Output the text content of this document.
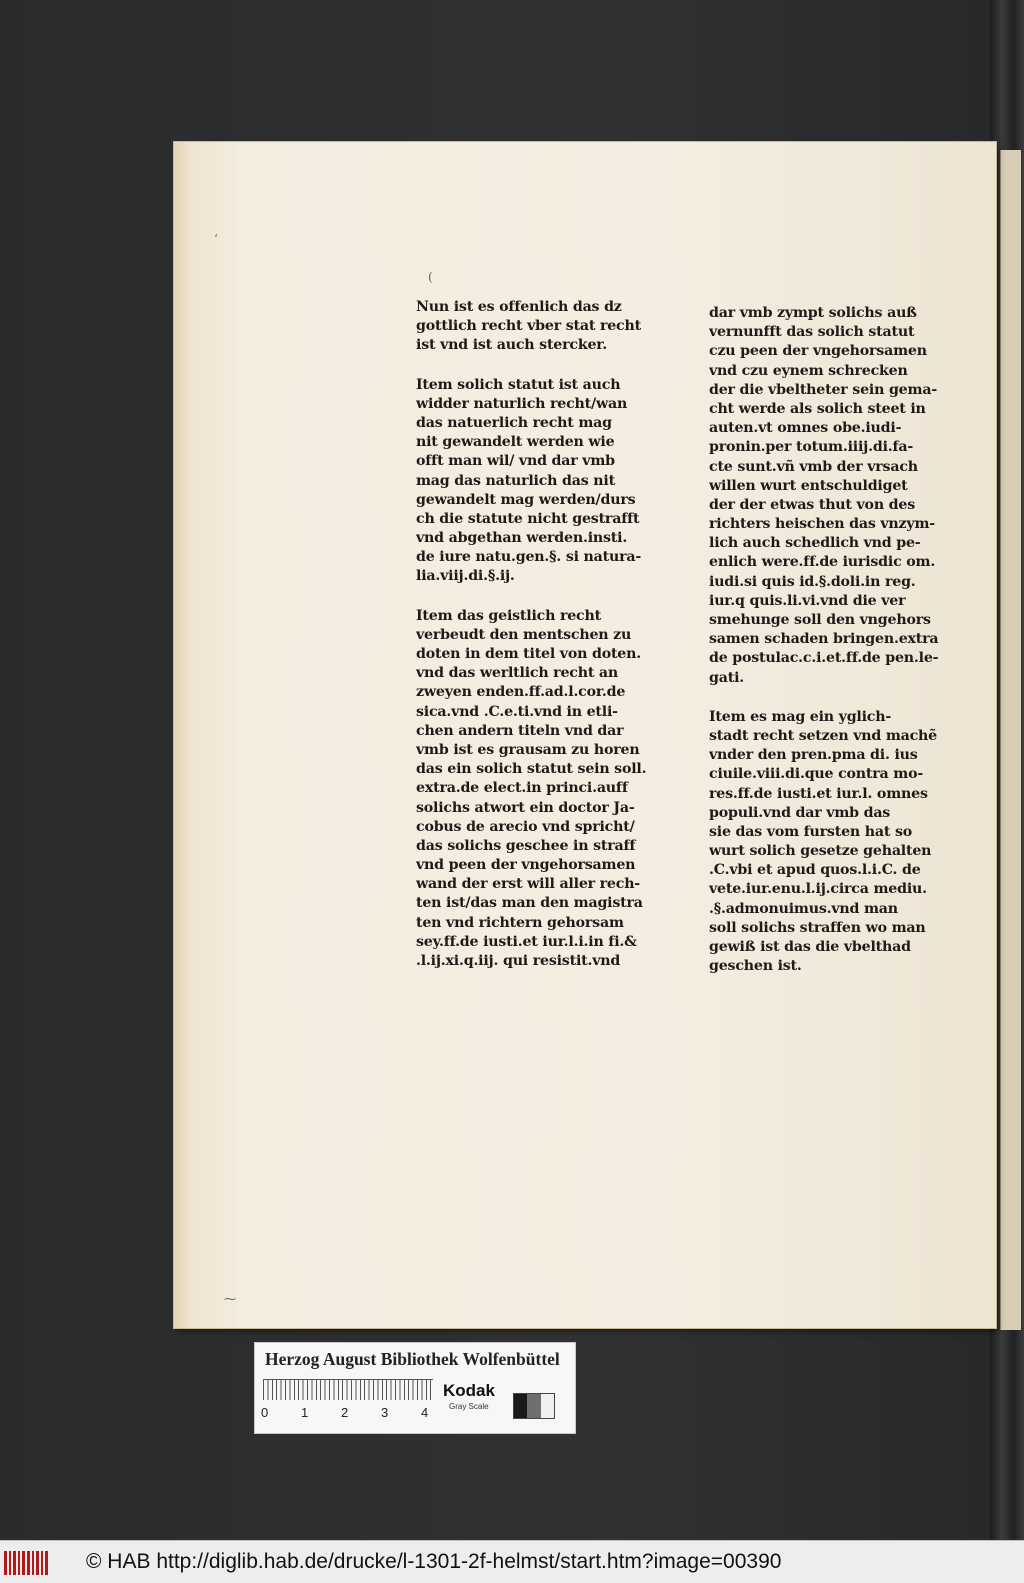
‘
(
⁓
Nun ist es offenlich das dz
gottlich recht vber stat recht
ist vnd ist auch stercker.
Item solich statut ist auch
widder naturlich recht/wan
das natuerlich recht mag
nit gewandelt werden wie
offt man wil/ vnd dar vmb
mag das naturlich das nit
gewandelt mag werden/durs
ch die statute nicht gestrafft
vnd abgethan werden.insti.
de iure natu.gen.§. si natura-
lia.viij.di.§.ij.
Item das geistlich recht
verbeudt den mentschen zu
doten in dem titel von doten.
vnd das werltlich recht an
zweyen enden.ff.ad.l.cor.de
sica.vnd .C.e.ti.vnd in etli-
chen andern titeln vnd dar
vmb ist es grausam zu horen
das ein solich statut sein soll.
extra.de elect.in princi.auff
solichs atwort ein doctor Ja-
cobus de arecio vnd spricht/
das solichs geschee in straff
vnd peen der vngehorsamen
wand der erst will aller rech-
ten ist/das man den magistra
ten vnd richtern gehorsam
sey.ff.de iusti.et iur.l.i.in fi.&
.l.ij.xi.q.iij. qui resistit.vnd
dar vmb zympt solichs auß
vernunfft das solich statut
czu peen der vngehorsamen
vnd czu eynem schrecken
der die vbeltheter sein gema-
cht werde als solich steet in
auten.vt omnes obe.iudi-
pronin.per totum.iiij.di.fa-
cte sunt.vñ vmb der vrsach
willen wurt entschuldiget
der der etwas thut von des
richters heischen das vnzym-
lich auch schedlich vnd pe-
enlich were.ff.de iurisdic om.
iudi.si quis id.§.doli.in reg.
iur.q quis.li.vi.vnd die ver
smehunge soll den vngehors
samen schaden bringen.extra
de postulac.c.i.et.ff.de pen.le-
gati.
Item es mag ein yglich-
stadt recht setzen vnd machẽ
vnder den pren.pma di. ius
ciuile.viii.di.que contra mo-
res.ff.de iusti.et iur.l. omnes
populi.vnd dar vmb das
sie das vom fursten hat so
wurt solich gesetze gehalten
.C.vbi et apud quos.l.i.C. de
vete.iur.enu.l.ij.circa mediu.
.§.admonuimus.vnd man
soll solichs straffen wo man
gewiß ist das die vbelthad
geschen ist.
Herzog August Bibliothek Wolfenbüttel
0	1	2	3	4
Kodak
Gray Scale
© HAB http://diglib.hab.de/drucke/l-1301-2f-helmst/start.htm?image=00390
